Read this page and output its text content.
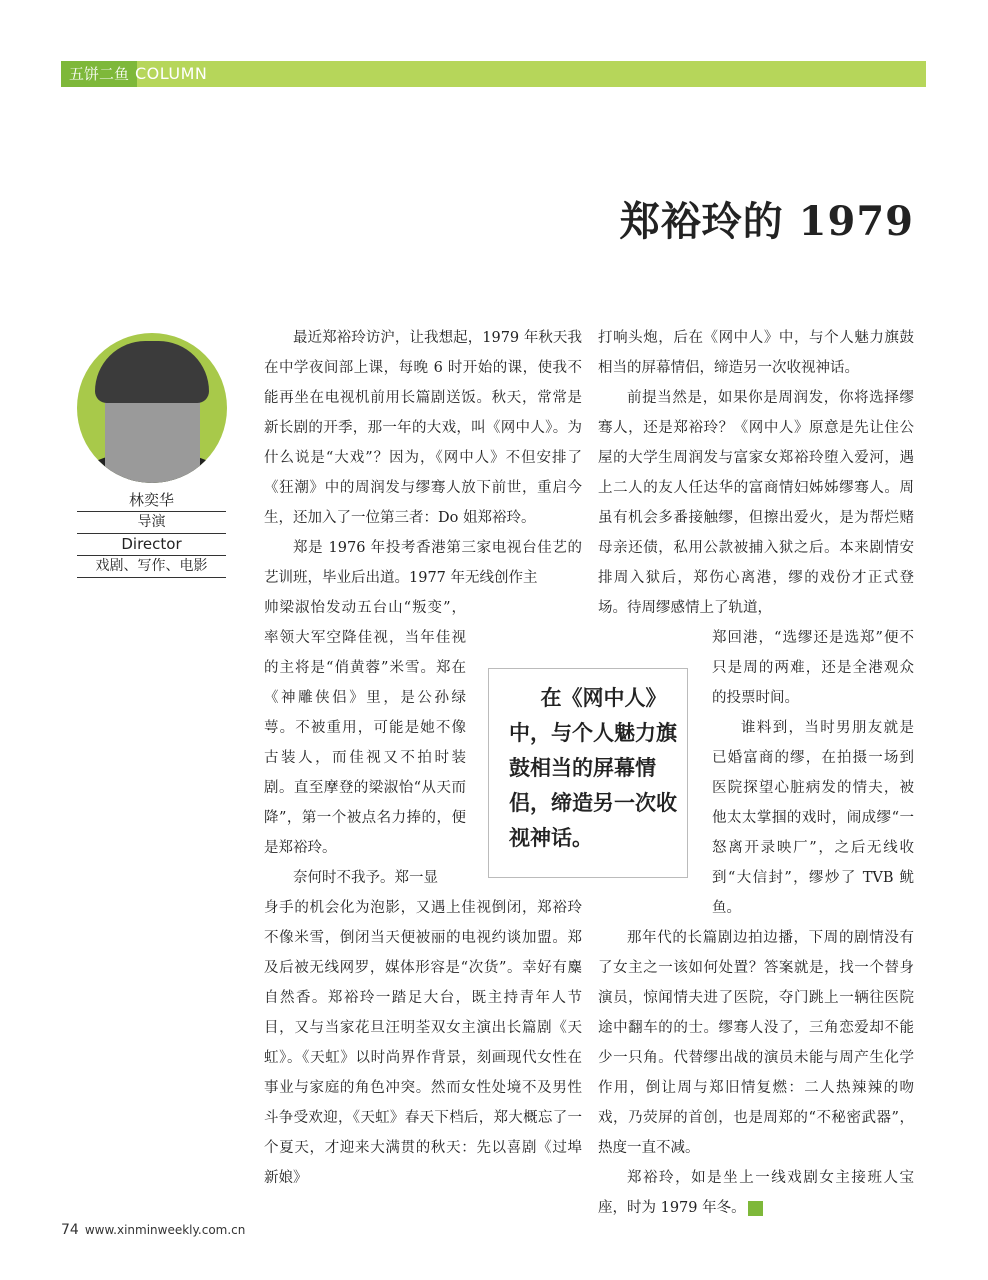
五饼二鱼 COLUMN
郑裕玲的 1979
林奕华
导演
Director
戏剧、写作、电影

最近郑裕玲访沪，让我想起，1979 年秋天我在中学夜间部上课，每晚 6 时开始的课，使我不能再坐在电视机前用长篇剧送饭。秋天，常常是新长剧的开季，那一年的大戏，叫《网中人》。为什么说是“大戏”？因为，《网中人》不但安排了《狂潮》中的周润发与缪骞人放下前世，重启今生，还加入了一位第三者：Do 姐郑裕玲。

郑是 1976 年投考香港第三家电视台佳艺的艺训班，毕业后出道。1977 年无线创作主

帅梁淑怡发动五台山“叛变”，率领大军空降佳视，当年佳视的主将是“俏黄蓉”米雪。郑在《神雕侠侣》里，是公孙绿萼。不被重用，可能是她不像古装人，而佳视又不拍时装剧。直至摩登的梁淑怡“从天而降”，第一个被点名力捧的，便是郑裕玲。

奈何时不我予。郑一显

身手的机会化为泡影，又遇上佳视倒闭，郑裕玲不像米雪，倒闭当天便被丽的电视约谈加盟。郑及后被无线网罗，媒体形容是“次货”。幸好有麋自然香。郑裕玲一踏足大台，既主持青年人节目，又与当家花旦汪明荃双女主演出长篇剧《天虹》。《天虹》以时尚界作背景，刻画现代女性在事业与家庭的角色冲突。然而女性处境不及男性斗争受欢迎，《天虹》春天下档后，郑大概忘了一个夏天，才迎来大满贯的秋天：先以喜剧《过埠新娘》

打响头炮，后在《网中人》中，与个人魅力旗鼓相当的屏幕情侣，缔造另一次收视神话。

前提当然是，如果你是周润发，你将选择缪骞人，还是郑裕玲？《网中人》原意是先让住公屋的大学生周润发与富家女郑裕玲堕入爱河，遇上二人的友人任达华的富商情妇姊姊缪骞人。周虽有机会多番接触缪，但擦出爱火，是为帮烂赌母亲还债，私用公款被捕入狱之后。本来剧情安排周入狱后，郑伤心离港，缪的戏份才正式登场。待周缪感情上了轨道，

郑回港，“选缪还是选郑”便不只是周的两难，还是全港观众的投票时间。

谁料到，当时男朋友就是已婚富商的缪，在拍摄一场到医院探望心脏病发的情夫，被他太太掌掴的戏时，闹成缪“一怒离开录映厂”，之后无线收到“大信封”，缪炒了 TVB 鱿鱼。

那年代的长篇剧边拍边播，下周的剧情没有了女主之一该如何处置？答案就是，找一个替身演员，惊闻情夫进了医院，夺门跳上一辆往医院途中翻车的的士。缪骞人没了，三角恋爱却不能少一只角。代替缪出战的演员未能与周产生化学作用，倒让周与郑旧情复燃：二人热辣辣的吻戏，乃荧屏的首创，也是周郑的“不秘密武器”，热度一直不减。

郑裕玲，如是坐上一线戏剧女主接班人宝座，时为 1979 年冬。

在《网中人》中，与个人魅力旗鼓相当的屏幕情侣，缔造另一次收视神话。
74 www.xinminweekly.com.cn
